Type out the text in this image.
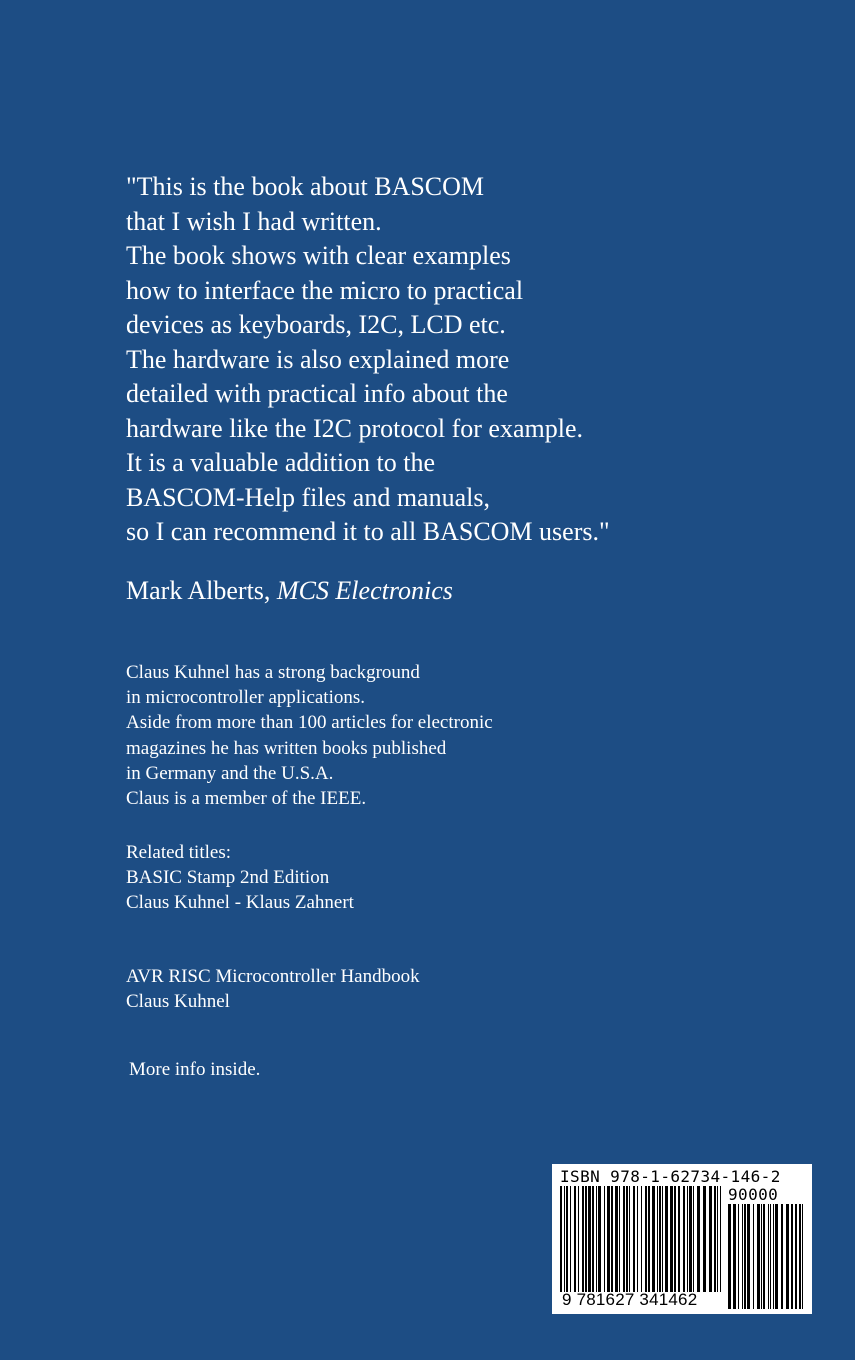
"This is the book about BASCOM
that I wish I had written.
The book shows with clear examples
how to interface the micro to practical
devices as keyboards, I2C, LCD etc.
The hardware is also explained more
detailed with practical info about the
hardware like the I2C protocol for example.
It is a valuable addition to the
BASCOM-Help files and manuals,
so I can recommend it to all BASCOM users."
Mark Alberts, MCS Electronics
Claus Kuhnel has a strong background
in microcontroller applications.
Aside from more than 100 articles for electronic
magazines he has written books published
in Germany and the U.S.A.
Claus is a member of the IEEE.
Related titles:
BASIC Stamp 2nd Edition
Claus Kuhnel - Klaus Zahnert
AVR RISC Microcontroller Handbook
Claus Kuhnel
More info inside.
ISBN 978-1-62734-146-2
90000
9 781627 341462
